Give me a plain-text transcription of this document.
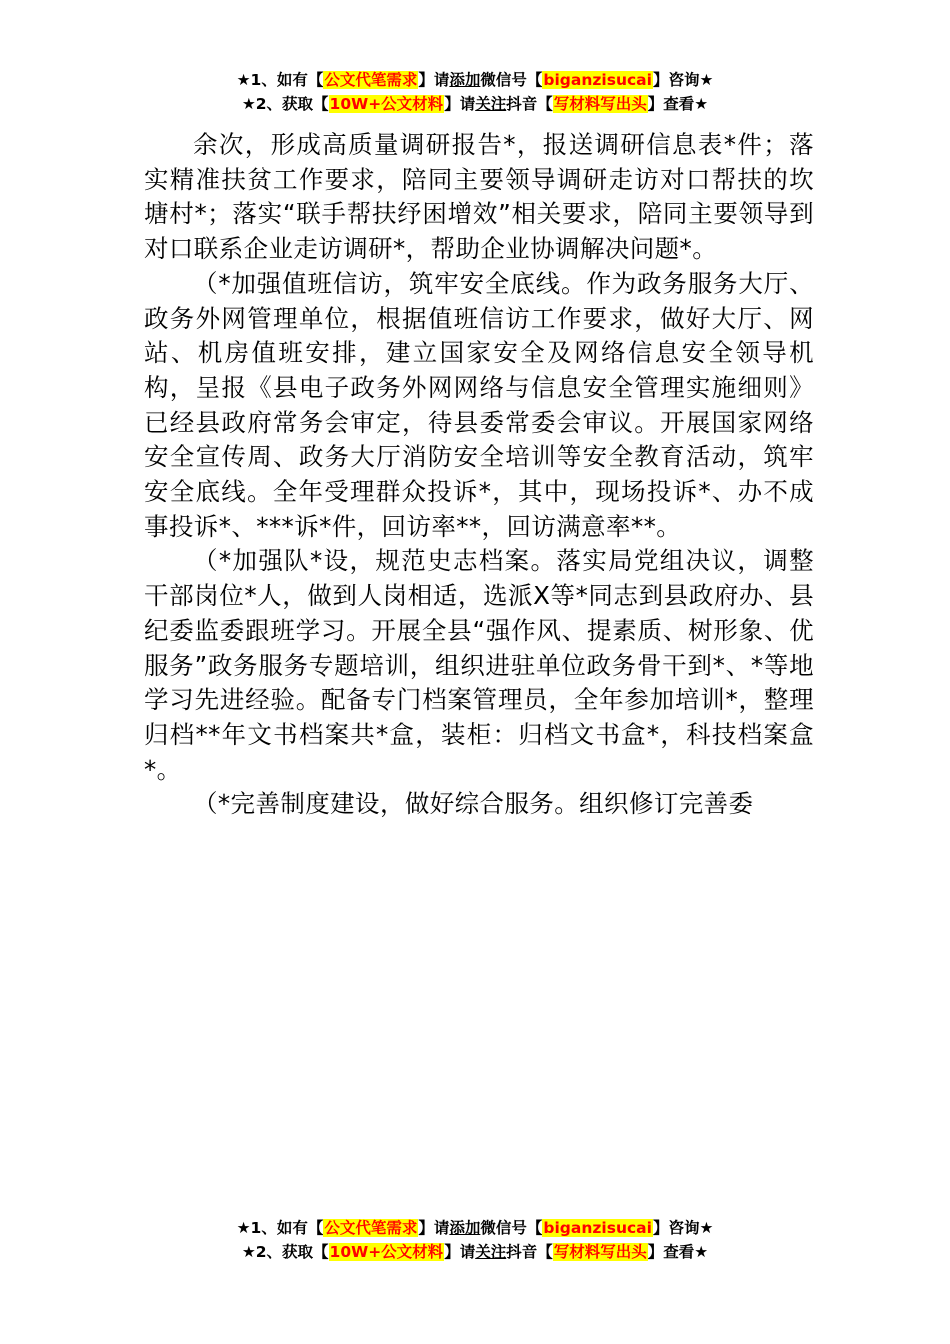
★1、如有【公文代笔需求】请添加微信号【biganzisucai】咨询★
★2、获取【10W+公文材料】请关注抖音【写材料写出头】查看★

余次，形成高质量调研报告*，报送调研信息表*件；落实精准扶贫工作要求，陪同主要领导调研走访对口帮扶的坎塘村*；落实“联手帮扶纾困增效”相关要求，陪同主要领导到对口联系企业走访调研*，帮助企业协调解决问题*。

（*加强值班信访，筑牢安全底线。作为政务服务大厅、政务外网管理单位，根据值班信访工作要求，做好大厅、网站、机房值班安排，建立国家安全及网络信息安全领导机构，呈报《县电子政务外网网络与信息安全管理实施细则》已经县政府常务会审定，待县委常委会审议。开展国家网络安全宣传周、政务大厅消防安全培训等安全教育活动，筑牢安全底线。全年受理群众投诉*，其中，现场投诉*、办不成事投诉*、***诉*件，回访率**，回访满意率**。

（*加强队*设，规范史志档案。落实局党组决议，调整干部岗位*人，做到人岗相适，选派X等*同志到县政府办、县纪委监委跟班学习。开展全县“强作风、提素质、树形象、优服务”政务服务专题培训，组织进驻单位政务骨干到*、*等地学习先进经验。配备专门档案管理员，全年参加培训*，整理归档**年文书档案共*盒，装柜：归档文书盒*，科技档案盒*。

（*完善制度建设，做好综合服务。组织修订完善委

★1、如有【公文代笔需求】请添加微信号【biganzisucai】咨询★
★2、获取【10W+公文材料】请关注抖音【写材料写出头】查看★
